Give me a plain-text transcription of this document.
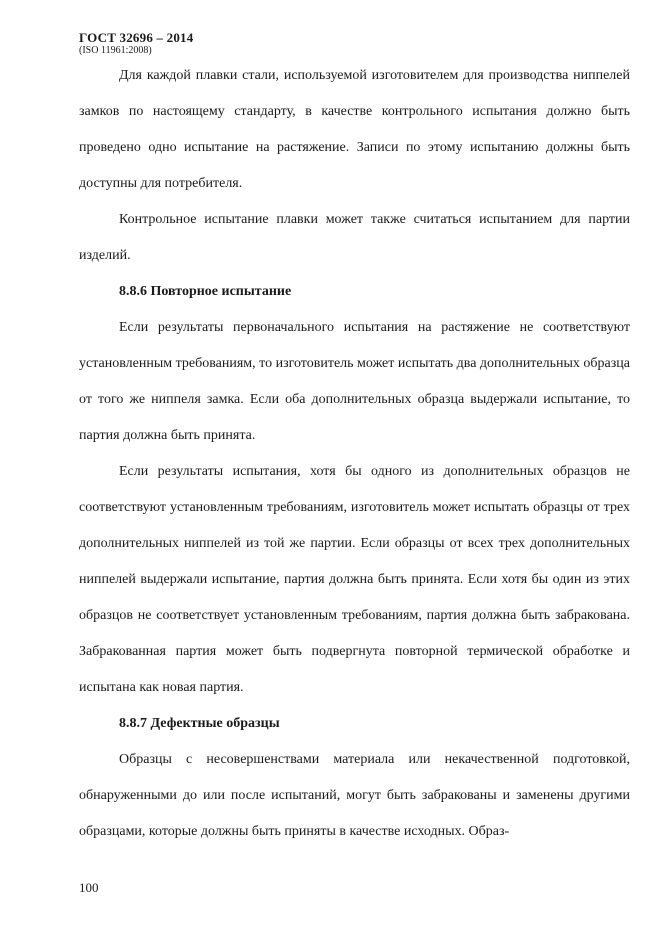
ГОСТ 32696 – 2014
(ISO 11961:2008)

Для каждой плавки стали, используемой изготовителем для производства ниппелей замков по настоящему стандарту, в качестве контрольного испытания должно быть проведено одно испытание на растяжение. Записи по этому испытанию должны быть доступны для потребителя.

Контрольное испытание плавки может также считаться испытанием для партии изделий.

8.8.6 Повторное испытание

Если результаты первоначального испытания на растяжение не соответствуют установленным требованиям, то изготовитель может испытать два дополнительных образца от того же ниппеля замка. Если оба дополнительных образца выдержали испытание, то партия должна быть принята.

Если результаты испытания, хотя бы одного из дополнительных образцов не соответствуют установленным требованиям, изготовитель может испытать образцы от трех дополнительных ниппелей из той же партии. Если образцы от всех трех дополнительных ниппелей выдержали испытание, партия должна быть принята. Если хотя бы один из этих образцов не соответствует установленным требованиям, партия должна быть забракована. Забракованная партия может быть подвергнута повторной термической обработке и испытана как новая партия.

8.8.7 Дефектные образцы

Образцы с несовершенствами материала или некачественной подготовкой, обнаруженными до или после испытаний, могут быть забракованы и заменены другими образцами, которые должны быть приняты в качестве исходных. Образ-

100
